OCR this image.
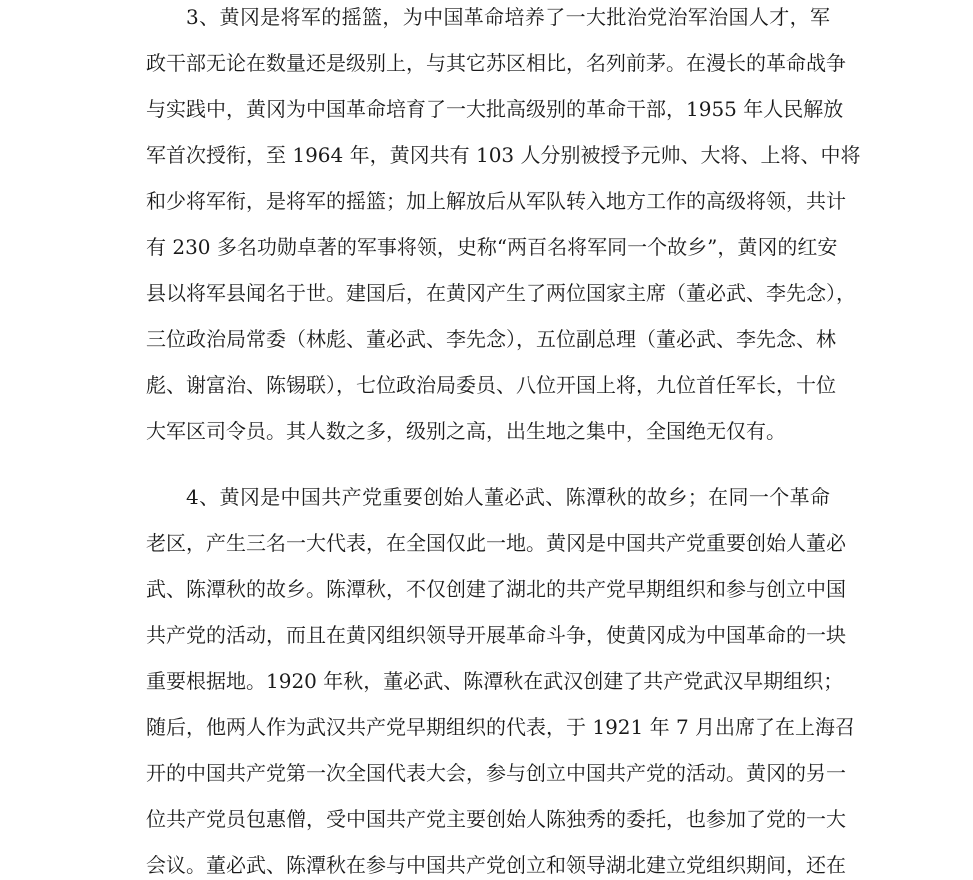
3、黄冈是将军的摇篮，为中国革命培养了一大批治党治军治国人才，军
政干部无论在数量还是级别上，与其它苏区相比，名列前茅。在漫长的革命战争
与实践中，黄冈为中国革命培育了一大批高级别的革命干部，1955 年人民解放
军首次授衔，至 1964 年，黄冈共有 103 人分别被授予元帅、大将、上将、中将
和少将军衔，是将军的摇篮；加上解放后从军队转入地方工作的高级将领，共计
有 230 多名功勋卓著的军事将领，史称“两百名将军同一个故乡”，黄冈的红安
县以将军县闻名于世。建国后，在黄冈产生了两位国家主席（董必武、李先念），
三位政治局常委（林彪、董必武、李先念），五位副总理（董必武、李先念、林
彪、谢富治、陈锡联），七位政治局委员、八位开国上将，九位首任军长，十位
大军区司令员。其人数之多，级别之高，出生地之集中，全国绝无仅有。
4、黄冈是中国共产党重要创始人董必武、陈潭秋的故乡；在同一个革命
老区，产生三名一大代表，在全国仅此一地。黄冈是中国共产党重要创始人董必
武、陈潭秋的故乡。陈潭秋，不仅创建了湖北的共产党早期组织和参与创立中国
共产党的活动，而且在黄冈组织领导开展革命斗争，使黄冈成为中国革命的一块
重要根据地。1920 年秋，董必武、陈潭秋在武汉创建了共产党武汉早期组织；
随后，他两人作为武汉共产党早期组织的代表，于 1921 年 7 月出席了在上海召
开的中国共产党第一次全国代表大会，参与创立中国共产党的活动。黄冈的另一
位共产党员包惠僧，受中国共产党主要创始人陈独秀的委托，也参加了党的一大
会议。董必武、陈潭秋在参与中国共产党创立和领导湖北建立党组织期间，还在
